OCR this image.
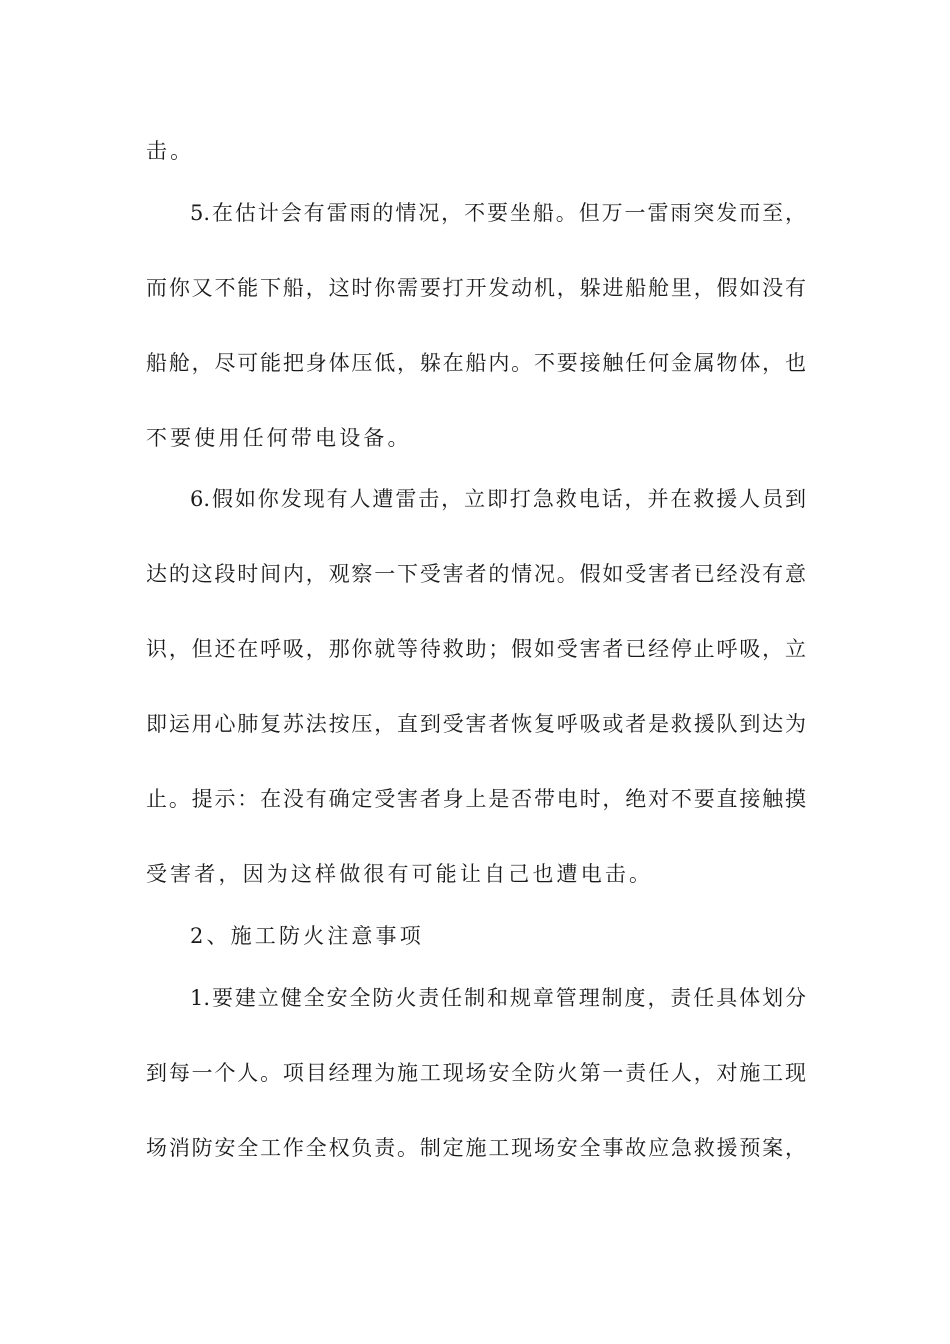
击。

5.在估计会有雷雨的情况，不要坐船。但万一雷雨突发而至，

而你又不能下船，这时你需要打开发动机，躲进船舱里，假如没有

船舱，尽可能把身体压低，躲在船内。不要接触任何金属物体，也

不要使用任何带电设备。

6.假如你发现有人遭雷击，立即打急救电话，并在救援人员到

达的这段时间内，观察一下受害者的情况。假如受害者已经没有意

识，但还在呼吸，那你就等待救助；假如受害者已经停止呼吸，立

即运用心肺复苏法按压，直到受害者恢复呼吸或者是救援队到达为

止。提示：在没有确定受害者身上是否带电时，绝对不要直接触摸

受害者，因为这样做很有可能让自己也遭电击。

2、施工防火注意事项

1.要建立健全安全防火责任制和规章管理制度，责任具体划分

到每一个人。项目经理为施工现场安全防火第一责任人，对施工现

场消防安全工作全权负责。制定施工现场安全事故应急救援预案，
